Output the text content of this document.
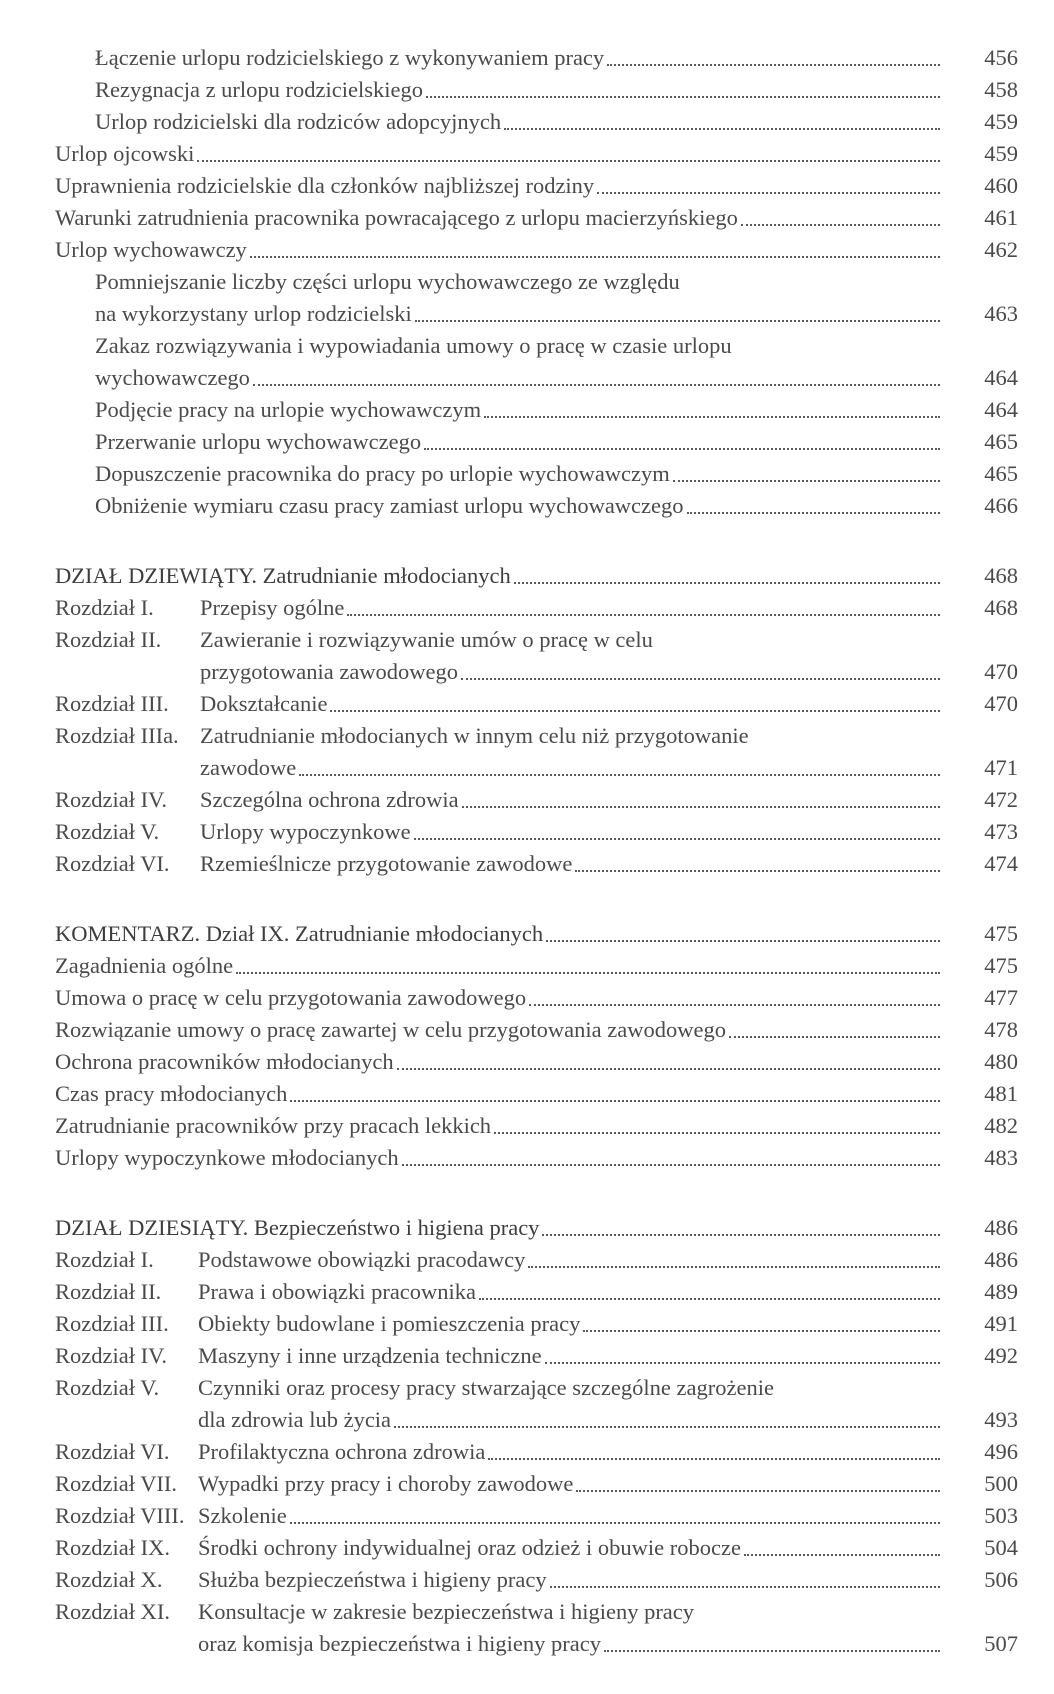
Łączenie urlopu rodzicielskiego z wykonywaniem pracy	456
Rezygnacja z urlopu rodzicielskiego	458
Urlop rodzicielski dla rodziców adopcyjnych	459
Urlop ojcowski	459
Uprawnienia rodzicielskie dla członków najbliższej rodziny	460
Warunki zatrudnienia pracownika powracającego z urlopu macierzyńskiego	461
Urlop wychowawczy	462
Pomniejszanie liczby części urlopu wychowawczego ze względu
na wykorzystany urlop rodzicielski	463
Zakaz rozwiązywania i wypowiadania umowy o pracę w czasie urlopu
wychowawczego	464
Podjęcie pracy na urlopie wychowawczym	464
Przerwanie urlopu wychowawczego	465
Dopuszczenie pracownika do pracy po urlopie wychowawczym	465
Obniżenie wymiaru czasu pracy zamiast urlopu wychowawczego	466
DZIAŁ DZIEWIĄTY. Zatrudnianie młodocianych	468
Rozdział I. Przepisy ogólne	468
Rozdział II. Zawieranie i rozwiązywanie umów o pracę w celu
przygotowania zawodowego	470
Rozdział III. Dokształcanie	470
Rozdział IIIa. Zatrudnianie młodocianych w innym celu niż przygotowanie
zawodowe	471
Rozdział IV. Szczególna ochrona zdrowia	472
Rozdział V. Urlopy wypoczynkowe	473
Rozdział VI. Rzemieślnicze przygotowanie zawodowe	474
KOMENTARZ. Dział IX. Zatrudnianie młodocianych	475
Zagadnienia ogólne	475
Umowa o pracę w celu przygotowania zawodowego	477
Rozwiązanie umowy o pracę zawartej w celu przygotowania zawodowego	478
Ochrona pracowników młodocianych	480
Czas pracy młodocianych	481
Zatrudnianie pracowników przy pracach lekkich	482
Urlopy wypoczynkowe młodocianych	483
DZIAŁ DZIESIĄTY. Bezpieczeństwo i higiena pracy	486
Rozdział I. Podstawowe obowiązki pracodawcy	486
Rozdział II. Prawa i obowiązki pracownika	489
Rozdział III. Obiekty budowlane i pomieszczenia pracy	491
Rozdział IV. Maszyny i inne urządzenia techniczne	492
Rozdział V. Czynniki oraz procesy pracy stwarzające szczególne zagrożenie
dla zdrowia lub życia	493
Rozdział VI. Profilaktyczna ochrona zdrowia	496
Rozdział VII. Wypadki przy pracy i choroby zawodowe	500
Rozdział VIII. Szkolenie	503
Rozdział IX. Środki ochrony indywidualnej oraz odzież i obuwie robocze	504
Rozdział X. Służba bezpieczeństwa i higieny pracy	506
Rozdział XI. Konsultacje w zakresie bezpieczeństwa i higieny pracy
oraz komisja bezpieczeństwa i higieny pracy	507
